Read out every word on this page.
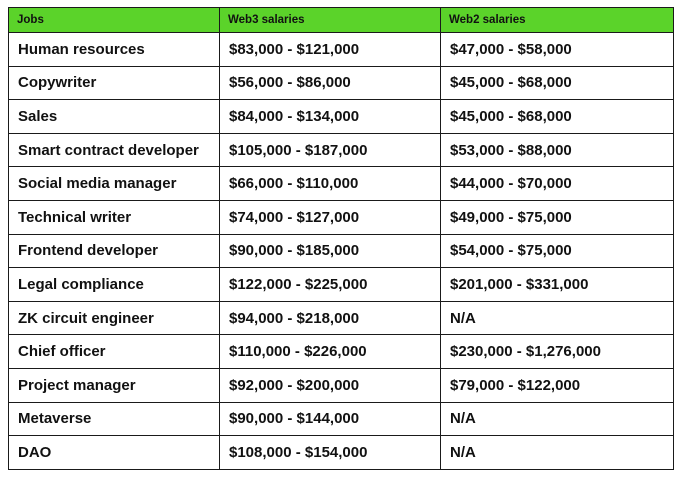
Jobs	Web3 salaries	Web2 salaries
Human resources	$83,000 - $121,000	$47,000 - $58,000
Copywriter	$56,000 - $86,000	$45,000 - $68,000
Sales	$84,000 - $134,000	$45,000 - $68,000
Smart contract developer	$105,000 - $187,000	$53,000 - $88,000
Social media manager	$66,000 - $110,000	$44,000 - $70,000
Technical writer	$74,000 - $127,000	$49,000 - $75,000
Frontend developer	$90,000 - $185,000	$54,000 - $75,000
Legal compliance	$122,000 - $225,000	$201,000 - $331,000
ZK circuit engineer	$94,000 - $218,000	N/A
Chief officer	$110,000 - $226,000	$230,000 - $1,276,000
Project manager	$92,000 - $200,000	$79,000 - $122,000
Metaverse	$90,000 - $144,000	N/A
DAO	$108,000 - $154,000	N/A
